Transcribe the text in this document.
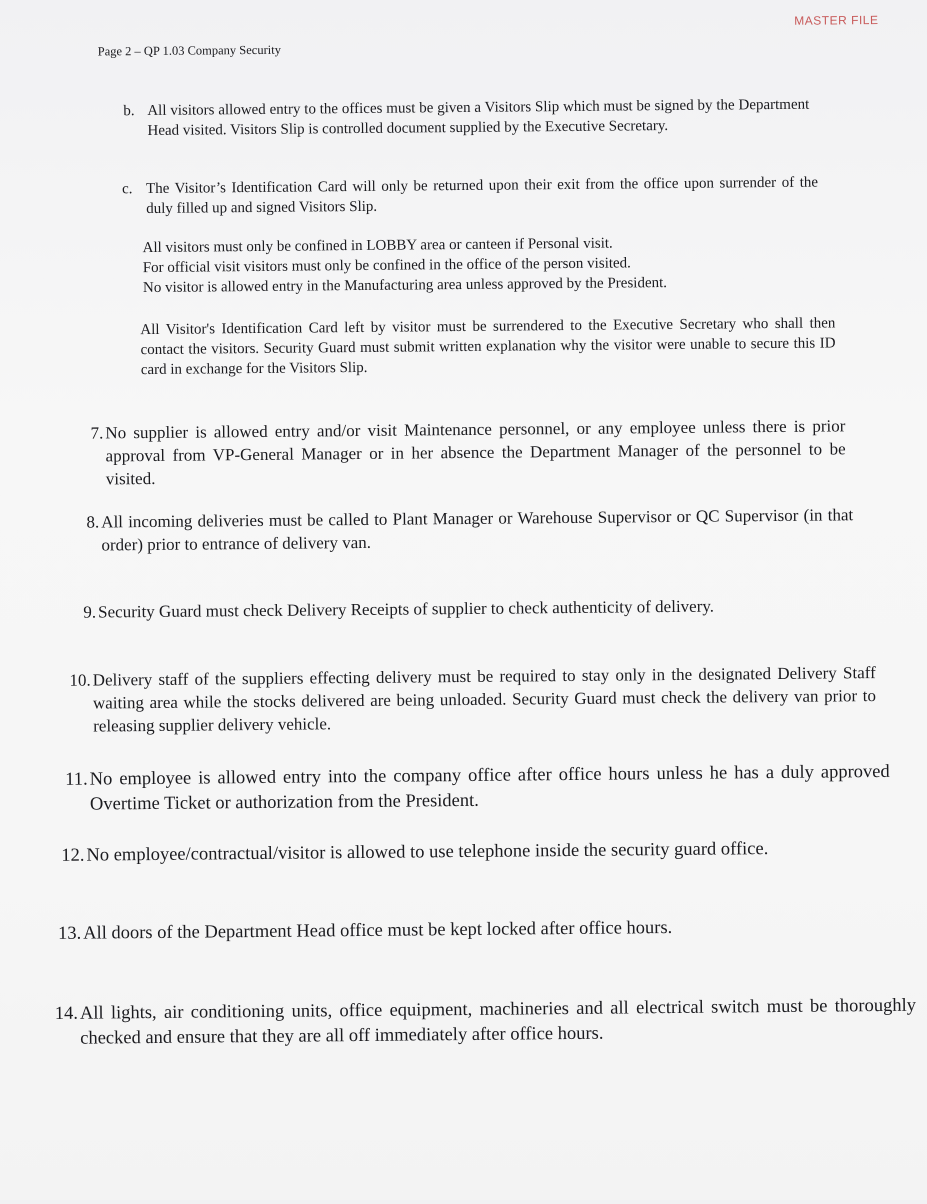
MASTER FILE
Page 2 – QP 1.03 Company Security
b. All visitors allowed entry to the offices must be given a Visitors Slip which must be signed by the Department Head visited. Visitors Slip is controlled document supplied by the Executive Secretary.
c. The Visitor’s Identification Card will only be returned upon their exit from the office upon surrender of the duly filled up and signed Visitors Slip.
All visitors must only be confined in LOBBY area or canteen if Personal visit.
For official visit visitors must only be confined in the office of the person visited.
No visitor is allowed entry in the Manufacturing area unless approved by the President.
All Visitor's Identification Card left by visitor must be surrendered to the Executive Secretary who shall then contact the visitors. Security Guard must submit written explanation why the visitor were unable to secure this ID card in exchange for the Visitors Slip.
7. No supplier is allowed entry and/or visit Maintenance personnel, or any employee unless there is prior approval from VP-General Manager or in her absence the Department Manager of the personnel to be visited.
8. All incoming deliveries must be called to Plant Manager or Warehouse Supervisor or QC Supervisor (in that order) prior to entrance of delivery van.
9. Security Guard must check Delivery Receipts of supplier to check authenticity of delivery.
10. Delivery staff of the suppliers effecting delivery must be required to stay only in the designated Delivery Staff waiting area while the stocks delivered are being unloaded. Security Guard must check the delivery van prior to releasing supplier delivery vehicle.
11. No employee is allowed entry into the company office after office hours unless he has a duly approved Overtime Ticket or authorization from the President.
12. No employee/contractual/visitor is allowed to use telephone inside the security guard office.
13. All doors of the Department Head office must be kept locked after office hours.
14. All lights, air conditioning units, office equipment, machineries and all electrical switch must be thoroughly checked and ensure that they are all off immediately after office hours.
